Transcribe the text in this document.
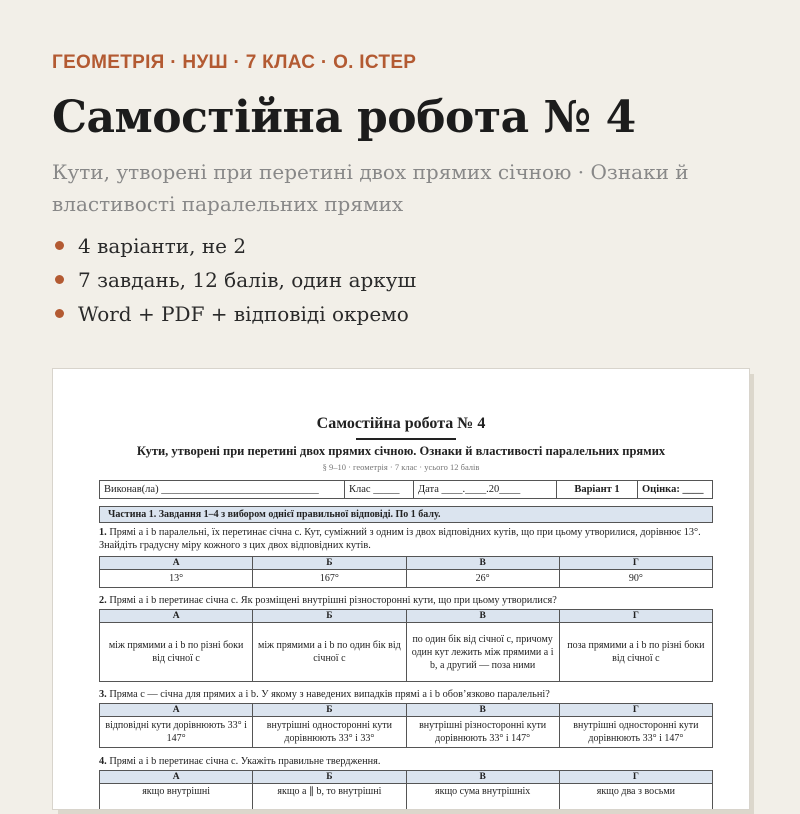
ГЕОМЕТРІЯ · НУШ · 7 КЛАС · О. ІСТЕР
Самостійна робота № 4
Кути, утворені при перетині двох прямих січною · Ознаки й властивості паралельних прямих
4 варіанти, не 2
7 завдань, 12 балів, один аркуш
Word + PDF + відповіді окремо
Самостійна робота № 4
Кути, утворені при перетині двох прямих січною. Ознаки й властивості паралельних прямих
§ 9–10 · геометрія · 7 клас · усього 12 балів
Виконав(ла) ______________________________	Клас _____	Дата ____.____.20____	Варіант 1	Оцінка: ____
Частина 1. Завдання 1–4 з вибором однієї правильної відповіді. По 1 балу.
1. Прямі a і b паралельні, їх перетинає січна c. Кут, суміжний з одним із двох відповідних кутів, що при цьому утворилися, дорівнює 13°. Знайдіть градусну міру кожного з цих двох відповідних кутів.
А	Б	В	Г
13°	167°	26°	90°
2. Прямі a і b перетинає січна c. Як розміщені внутрішні різносторонні кути, що при цьому утворилися?
А	Б	В	Г
між прямими a і b по різні боки від січної c	між прямими a і b по один бік від січної c	по один бік від січної c, причому один кут лежить між прямими a і b, а другий — поза ними	поза прямими a і b по різні боки від січної c
3. Пряма c — січна для прямих a і b. У якому з наведених випадків прямі a і b обов’язково паралельні?
А	Б	В	Г
відповідні кути дорівнюють 33° і 147°	внутрішні односторонні кути дорівнюють 33° і 33°	внутрішні різносторонні кути дорівнюють 33° і 147°	внутрішні односторонні кути дорівнюють 33° і 147°
4. Прямі a і b перетинає січна c. Укажіть правильне твердження.
А	Б	В	Г
якщо внутрішні	якщо a ∥ b, то внутрішні	якщо сума внутрішніх	якщо два з восьми
